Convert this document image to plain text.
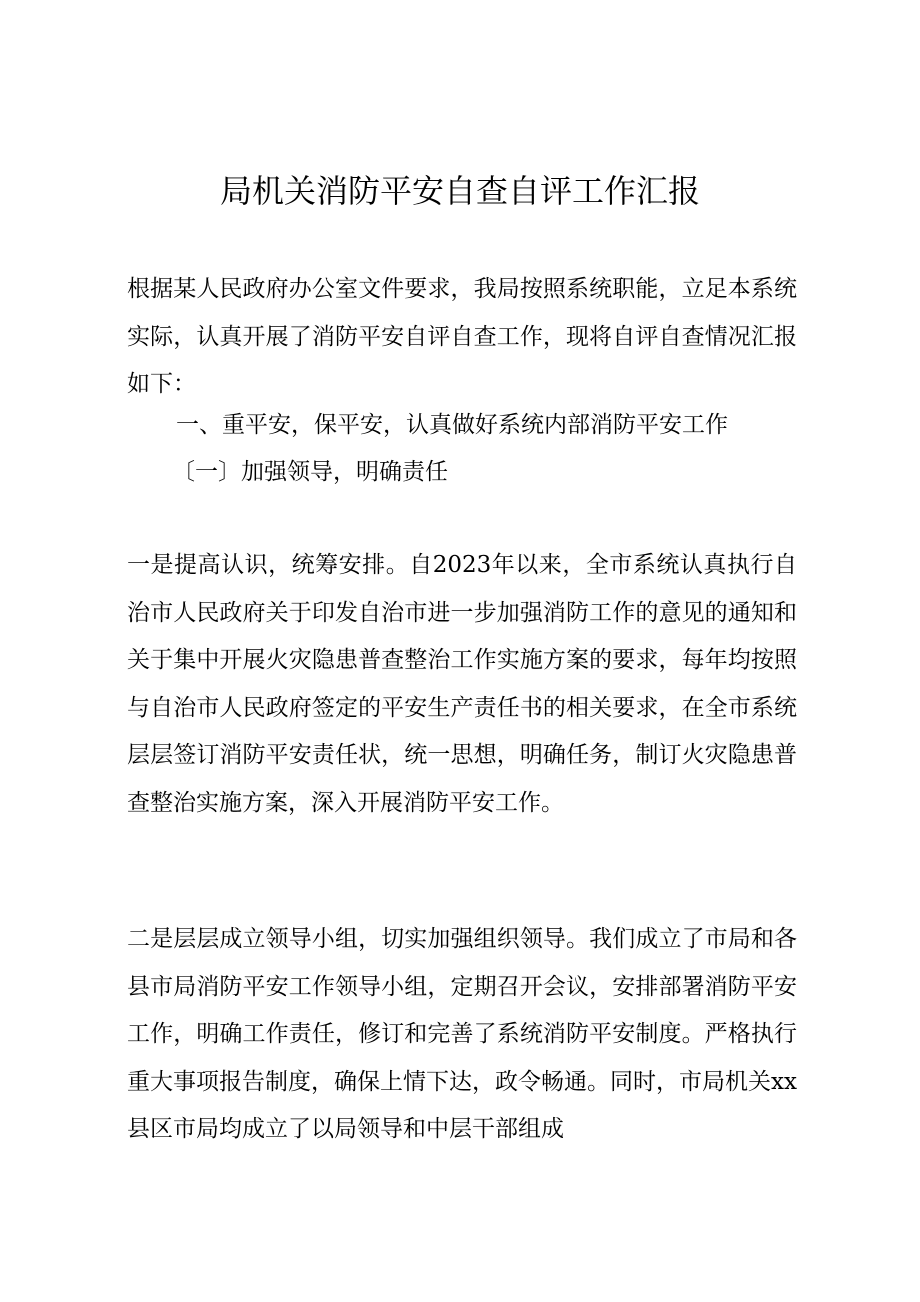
局机关消防平安自查自评工作汇报

根据某人民政府办公室文件要求，我局按照系统职能，立足本系统实际，认真开展了消防平安自评自查工作，现将自评自查情况汇报如下：

一、重平安，保平安，认真做好系统内部消防平安工作

〔一〕加强领导，明确责任

一是提高认识，统筹安排。自2023年以来，全市系统认真执行自治市人民政府关于印发自治市进一步加强消防工作的意见的通知和关于集中开展火灾隐患普查整治工作实施方案的要求，每年均按照与自治市人民政府签定的平安生产责任书的相关要求，在全市系统层层签订消防平安责任状，统一思想，明确任务，制订火灾隐患普查整治实施方案，深入开展消防平安工作。

二是层层成立领导小组，切实加强组织领导。我们成立了市局和各县市局消防平安工作领导小组，定期召开会议，安排部署消防平安工作，明确工作责任，修订和完善了系统消防平安制度。严格执行重大事项报告制度，确保上情下达，政令畅通。同时，市局机关xx县区市局均成立了以局领导和中层干部组成
